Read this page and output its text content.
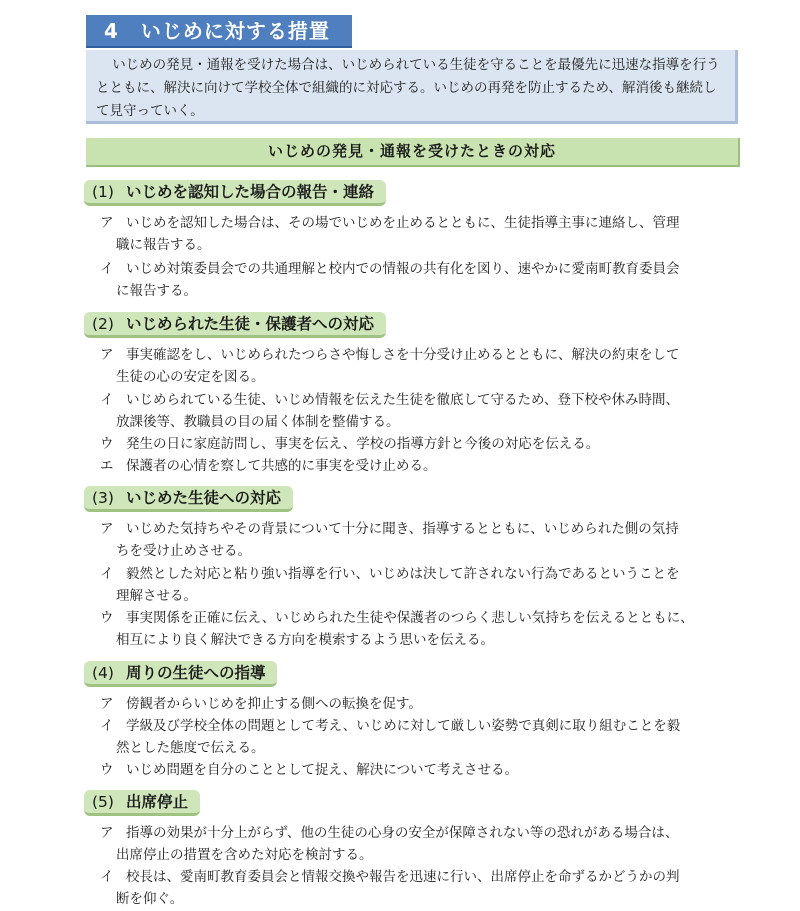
4 いじめに対する措置
いじめの発見・通報を受けた場合は、いじめられている生徒を守ることを最優先に迅速な指導を行うとともに、解決に向けて学校全体で組織的に対応する。いじめの再発を防止するため、解消後も継続して見守っていく。
いじめの発見・通報を受けたときの対応
(1) いじめを認知した場合の報告・連絡
ア いじめを認知した場合は、その場でいじめを止めるとともに、生徒指導主事に連絡し、管理
職に報告する。
イ いじめ対策委員会での共通理解と校内での情報の共有化を図り、速やかに愛南町教育委員会
に報告する。
(2) いじめられた生徒・保護者への対応
ア 事実確認をし、いじめられたつらさや悔しさを十分受け止めるとともに、解決の約束をして
生徒の心の安定を図る。
イ いじめられている生徒、いじめ情報を伝えた生徒を徹底して守るため、登下校や休み時間、
放課後等、教職員の目の届く体制を整備する。
ウ 発生の日に家庭訪問し、事実を伝え、学校の指導方針と今後の対応を伝える。
エ 保護者の心情を察して共感的に事実を受け止める。
(3) いじめた生徒への対応
ア いじめた気持ちやその背景について十分に聞き、指導するとともに、いじめられた側の気持
ちを受け止めさせる。
イ 毅然とした対応と粘り強い指導を行い、いじめは決して許されない行為であるということを
理解させる。
ウ 事実関係を正確に伝え、いじめられた生徒や保護者のつらく悲しい気持ちを伝えるとともに、
相互により良く解決できる方向を模索するよう思いを伝える。
(4) 周りの生徒への指導
ア 傍観者からいじめを抑止する側への転換を促す。
イ 学級及び学校全体の問題として考え、いじめに対して厳しい姿勢で真剣に取り組むことを毅
然とした態度で伝える。
ウ いじめ問題を自分のこととして捉え、解決について考えさせる。
(5) 出席停止
ア 指導の効果が十分上がらず、他の生徒の心身の安全が保障されない等の恐れがある場合は、
出席停止の措置を含めた対応を検討する。
イ 校長は、愛南町教育委員会と情報交換や報告を迅速に行い、出席停止を命ずるかどうかの判
断を仰ぐ。
